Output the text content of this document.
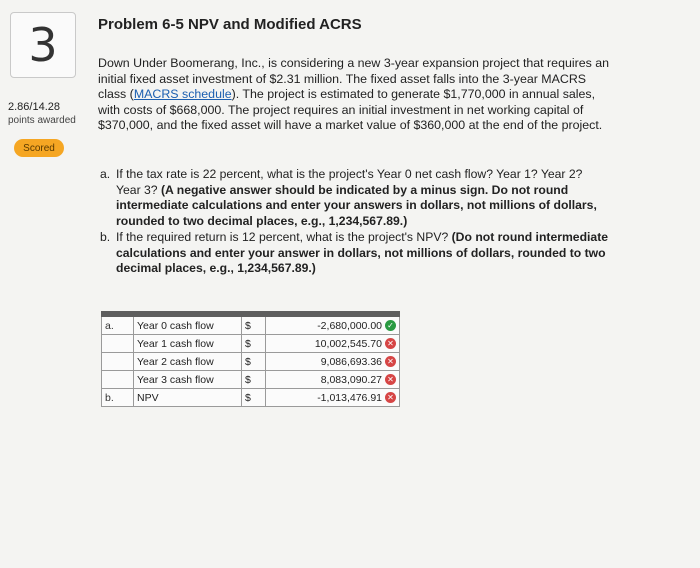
3
2.86/14.28
points awarded
Scored
Problem 6-5 NPV and Modified ACRS
Down Under Boomerang, Inc., is considering a new 3-year expansion project that requires an initial fixed asset investment of $2.31 million. The fixed asset falls into the 3-year MACRS class (MACRS schedule). The project is estimated to generate $1,770,000 in annual sales, with costs of $668,000. The project requires an initial investment in net working capital of $370,000, and the fixed asset will have a market value of $360,000 at the end of the project.
a. If the tax rate is 22 percent, what is the project's Year 0 net cash flow? Year 1? Year 2? Year 3? (A negative answer should be indicated by a minus sign. Do not round intermediate calculations and enter your answers in dollars, not millions of dollars, rounded to two decimal places, e.g., 1,234,567.89.)
b. If the required return is 12 percent, what is the project's NPV? (Do not round intermediate calculations and enter your answer in dollars, not millions of dollars, rounded to two decimal places, e.g., 1,234,567.89.)

a.	Year 0 cash flow	$	-2,680,000.00 ✓

	Year 1 cash flow	$	10,002,545.70 ✕

	Year 2 cash flow	$	9,086,693.36 ✕

	Year 3 cash flow	$	8,083,090.27 ✕

b.	NPV	$	-1,013,476.91 ✕
